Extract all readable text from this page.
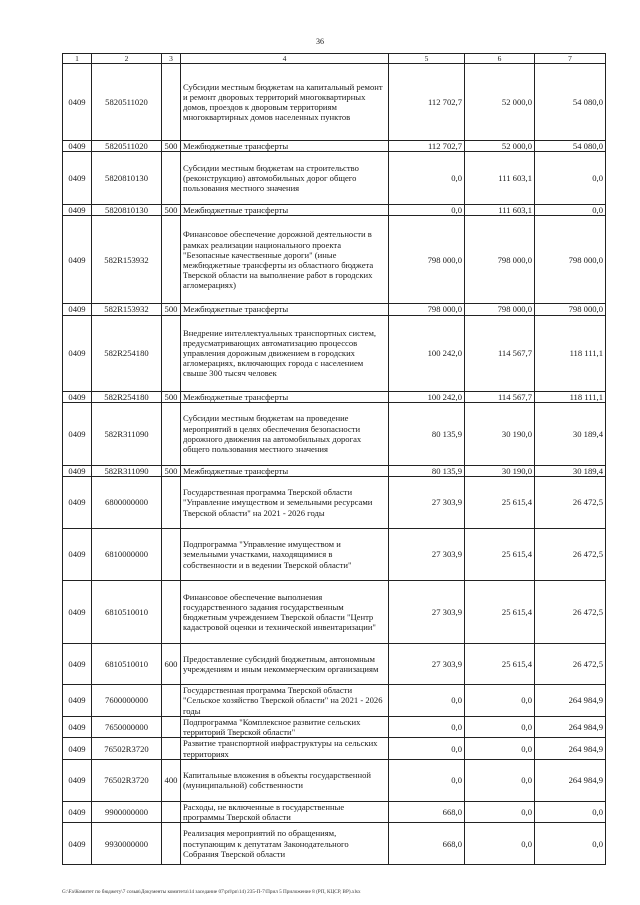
36
1	2	3	4	5	6	7
0409	5820511020		Субсидии местным бюджетам на капитальный ремонт и ремонт дворовых территорий многоквартирных домов, проездов к дворовым территориям многоквартирных домов населенных пунктов	112 702,7	52 000,0	54 080,0
0409	5820511020	500	Межбюджетные трансферты	112 702,7	52 000,0	54 080,0
0409	5820810130		Субсидии местным бюджетам на строительство (реконструкцию) автомобильных дорог общего пользования местного значения	0,0	111 603,1	0,0
0409	5820810130	500	Межбюджетные трансферты	0,0	111 603,1	0,0
0409	582R153932		Финансовое обеспечение дорожной деятельности в рамках реализации национального проекта "Безопасные качественные дороги" (иные межбюджетные трансферты из областного бюджета Тверской области на выполнение работ в городских агломерациях)	798 000,0	798 000,0	798 000,0
0409	582R153932	500	Межбюджетные трансферты	798 000,0	798 000,0	798 000,0
0409	582R254180		Внедрение интеллектуальных транспортных систем, предусматривающих автоматизацию процессов управления дорожным движением в городских агломерациях, включающих города с населением свыше 300 тысяч человек	100 242,0	114 567,7	118 111,1
0409	582R254180	500	Межбюджетные трансферты	100 242,0	114 567,7	118 111,1
0409	582R311090		Субсидии местным бюджетам на проведение мероприятий в целях обеспечения безопасности дорожного движения на автомобильных дорогах общего пользования местного значения	80 135,9	30 190,0	30 189,4
0409	582R311090	500	Межбюджетные трансферты	80 135,9	30 190,0	30 189,4
0409	6800000000		Государственная программа Тверской области "Управление имуществом и земельными ресурсами Тверской области" на 2021 - 2026 годы	27 303,9	25 615,4	26 472,5
0409	6810000000		Подпрограмма "Управление имуществом и земельными участками, находящимися в собственности и в ведении Тверской области"	27 303,9	25 615,4	26 472,5
0409	6810510010		Финансовое обеспечение выполнения государственного задания государственным бюджетным учреждением Тверской области "Центр кадастровой оценки и технической инвентаризации"	27 303,9	25 615,4	26 472,5
0409	6810510010	600	Предоставление субсидий бюджетным, автономным учреждениям и иным некоммерческим организациям	27 303,9	25 615,4	26 472,5
0409	7600000000		Государственная программа Тверской области "Сельское хозяйство Тверской области" на 2021 - 2026 годы	0,0	0,0	264 984,9
0409	7650000000		Подпрограмма "Комплексное развитие сельских территорий Тверской области"	0,0	0,0	264 984,9
0409	76502R3720		Развитие транспортной инфраструктуры на сельских территориях	0,0	0,0	264 984,9
0409	76502R3720	400	Капитальные вложения в объекты государственной (муниципальной) собственности	0,0	0,0	264 984,9
0409	9900000000		Расходы, не включенные в государственные программы Тверской области	668,0	0,0	0,0
0409	9930000000		Реализация мероприятий по обращениям, поступающим к депутатам Законодательного Собрания Тверской области	668,0	0,0	0,0
G:\Fa\Комитет по бюджету\7 созыв\Документы комитета\14 заседание 07\prl\pn\14) 235-П-7\Прил 5 Приложение 8 (РП, КЦСР, ВР).xlsx
